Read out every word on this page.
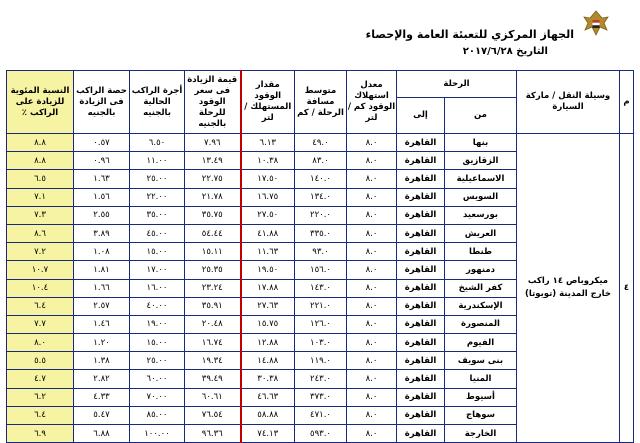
الجهاز المركزي للتعبئة العامة والإحصاء
التاريخ ٢٠١٧/٦/٢٨
م	وسيلة النقل / ماركة السيارة	الرحلة		معدل استهلاك الوقود كم / لتر	متوسط مسافة الرحلة / كم	مقدار الوقود المستهلك / لتر	قيمة الزيادة فى سعر الوقود للرحلة بالجنيه	أجرة الراكب الحالية بالجنيه	حصة الراكب فى الزيادة بالجنيه	النسبة المئوية للزيادة على الراكب ٪
		من	إلى							
٤	ميكروباص ١٤ راكب خارج المدينة (تويوتا)	بنها	القاهرة	٨.٠	٤٩.٠	٦.١٣	٧.٩٦	٦.٥٠	٠.٥٧	٨.٨
		الزقازيق	القاهرة	٨.٠	٨٣.٠	١٠.٣٨	١٣.٤٩	١١.٠٠	٠.٩٦	٨.٨
		الاسماعيلية	القاهرة	٨.٠	١٤٠.٠	١٧.٥٠	٢٢.٧٥	٢٥.٠٠	١.٦٣	٦.٥
		السويس	القاهرة	٨.٠	١٣٤.٠	١٦.٧٥	٢١.٧٨	٢٢.٠٠	١.٥٦	٧.١
		بورسعيد	القاهرة	٨.٠	٢٢٠.٠	٢٧.٥٠	٣٥.٧٥	٣٥.٠٠	٢.٥٥	٧.٣
		العريش	القاهرة	٨.٠	٣٣٥.٠	٤١.٨٨	٥٤.٤٤	٤٥.٠٠	٣.٨٩	٨.٦
		طنطا	القاهرة	٨.٠	٩٣.٠	١١.٦٣	١٥.١١	١٥.٠٠	١.٠٨	٧.٢
		دمنهور	القاهرة	٨.٠	١٥٦.٠	١٩.٥٠	٢٥.٣٥	١٧.٠٠	١.٨١	١٠.٧
		كفر الشيخ	القاهرة	٨.٠	١٤٣.٠	١٧.٨٨	٢٣.٢٤	١٦.٠٠	١.٦٦	١٠.٤
		الإسكندرية	القاهرة	٨.٠	٢٢١.٠	٢٧.٦٣	٣٥.٩١	٤٠.٠٠	٢.٥٧	٦.٤
		المنصورة	القاهرة	٨.٠	١٢٦.٠	١٥.٧٥	٢٠.٤٨	١٩.٠٠	١.٤٦	٧.٧
		الفيوم	القاهرة	٨.٠	١٠٣.٠	١٢.٨٨	١٦.٧٤	١٥.٠٠	١.٢٠	٨.٠
		بنى سويف	القاهرة	٨.٠	١١٩.٠	١٤.٨٨	١٩.٣٤	٢٥.٠٠	١.٣٨	٥.٥
		المنيا	القاهرة	٨.٠	٢٤٣.٠	٣٠.٣٨	٣٩.٤٩	٦٠.٠٠	٢.٨٢	٤.٧
		أسيوط	القاهرة	٨.٠	٣٧٣.٠	٤٦.٦٣	٦٠.٦١	٧٠.٠٠	٤.٣٣	٦.٢
		سوهاج	القاهرة	٨.٠	٤٧١.٠	٥٨.٨٨	٧٦.٥٤	٨٥.٠٠	٥.٤٧	٦.٤
		الخارجة	القاهرة	٨.٠	٥٩٣.٠	٧٤.١٣	٩٦.٣٦	١٠٠.٠٠	٦.٨٨	٦.٩
